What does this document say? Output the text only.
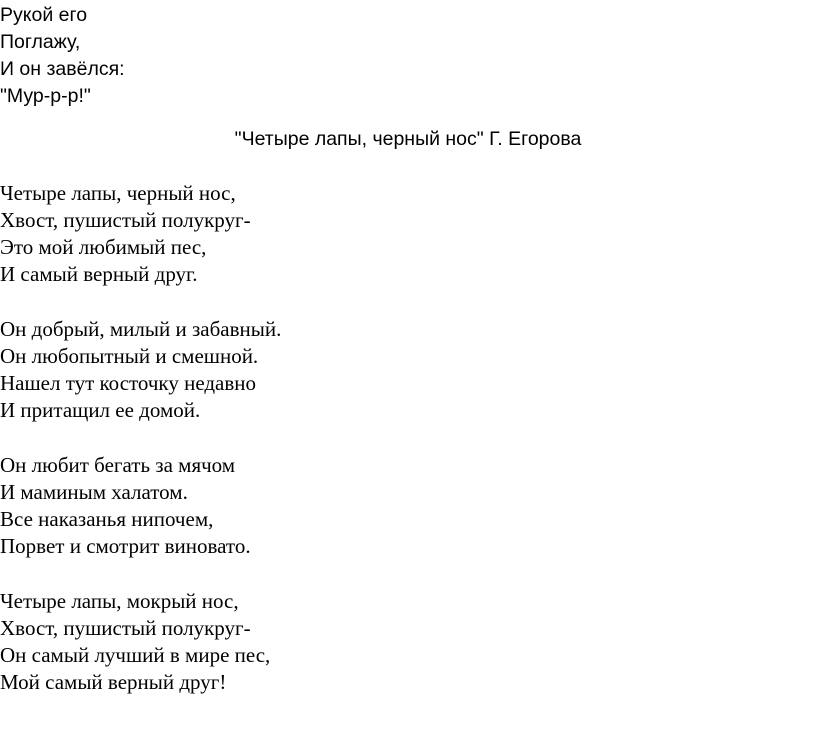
Рукой его
Поглажу,
И он завёлся:
"Мур-р-р!"
"Четыре лапы, черный нос" Г. Егорова
Четыре лапы, черный нос,
Хвост, пушистый полукруг-
Это мой любимый пес,
И самый верный друг.
Он добрый, милый и забавный.
Он любопытный и смешной.
Нашел тут косточку недавно
И притащил ее домой.
Он любит бегать за мячом
И маминым халатом.
Все наказанья нипочем,
Порвет и смотрит виновато.
Четыре лапы, мокрый нос,
Хвост, пушистый полукруг-
Он самый лучший в мире пес,
Мой самый верный друг!
